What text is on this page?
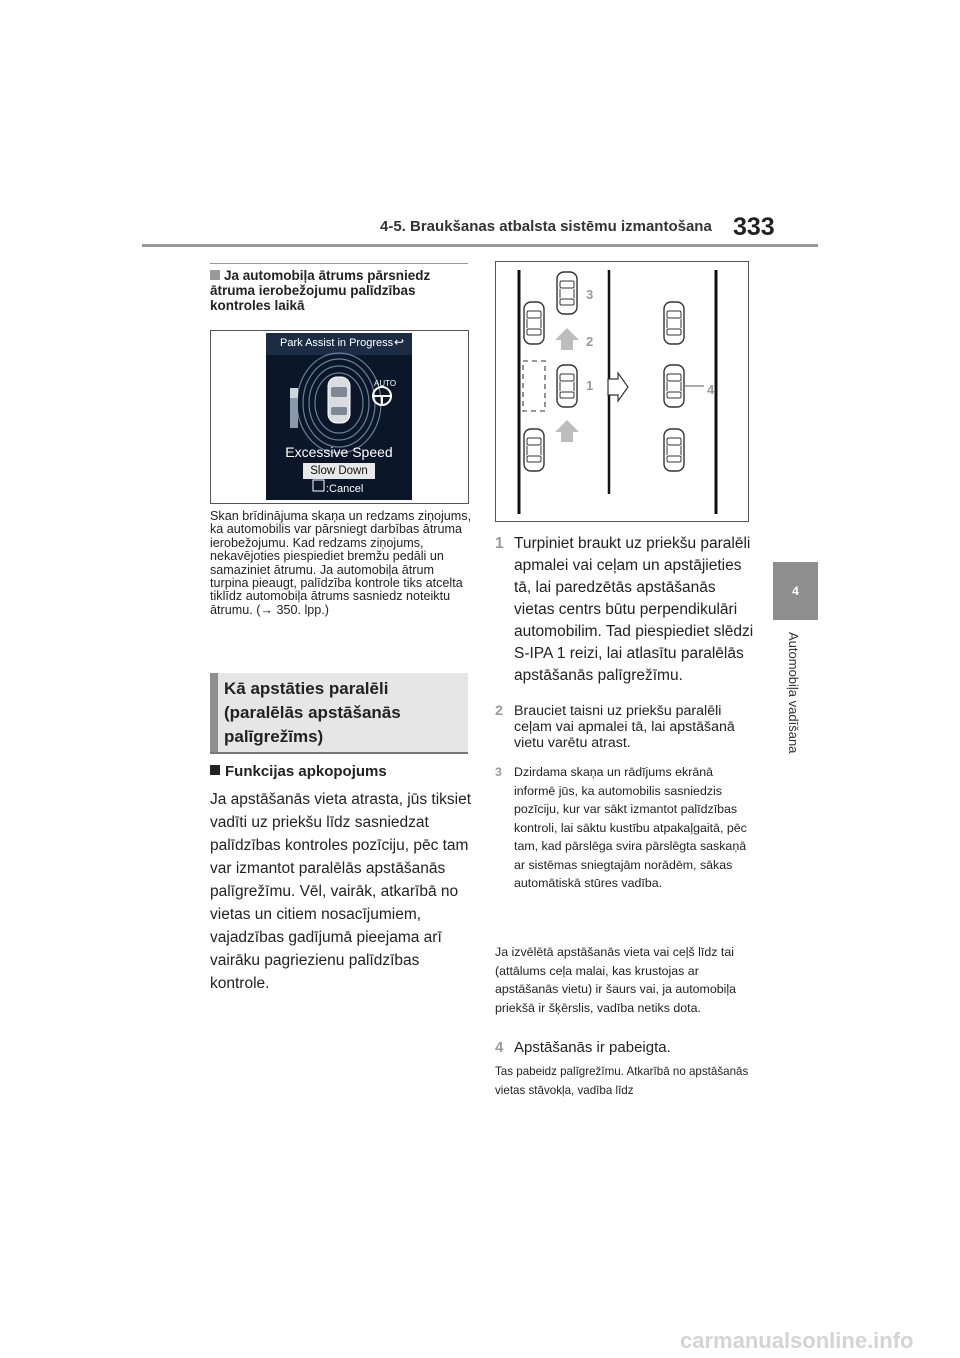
4-5. Braukšanas atbalsta sistēmu izmantošana 333
4
Automobiļa vadīšana
Ja automobiļa ātrums pārsniedz ātruma ierobežojumu palīdzības kontroles laikā
Park Assist in Progress ↩
AUTO
Excessive Speed
Slow Down
:Cancel
Skan brīdinājuma skaņa un redzams ziņojums, ka automobilis var pārsniegt darbības ātruma ierobežojumu. Kad redzams ziņojums, nekavējoties piespiediet bremžu pedāli un samaziniet ātrumu. Ja automobiļa ātrum turpina pieaugt, palīdzība kontrole tiks atcelta tiklīdz automobiļa ātrums sasniedz noteiktu ātrumu. (→ 350. lpp.)
Kā apstāties paralēli (paralēlās apstāšanās palīgrežīms)
Funkcijas apkopojums
Ja apstāšanās vieta atrasta, jūs tiksiet vadīti uz priekšu līdz sasniedzat palīdzības kontroles pozīciju, pēc tam var izmantot paralēlās apstāšanās palīgrežīmu. Vēl, vairāk, atkarībā no vietas un citiem nosacījumiem, vajadzības gadījumā pieejama arī vairāku pagriezienu palīdzības kontrole.
3
2
1	4
1 Turpiniet braukt uz priekšu paralēli apmalei vai ceļam un apstājieties tā, lai paredzētās apstāšanās vietas centrs būtu perpendikulāri automobilim. Tad piespiediet slēdzi S-IPA 1 reizi, lai atlasītu paralēlās apstāšanās palīgrežīmu.
2 Brauciet taisni uz priekšu paralēli ceļam vai apmalei tā, lai apstāšanā vietu varētu atrast.
3 Dzirdama skaņa un rādījums ekrānā informē jūs, ka automobilis sasniedzis pozīciju, kur var sākt izmantot palīdzības kontroli, lai sāktu kustību atpakaļgaitā, pēc tam, kad pārslēga svira pārslēgta saskaņā ar sistēmas sniegtajām norādēm, sākas automātiskā stūres vadība.
Ja izvēlētā apstāšanās vieta vai ceļš līdz tai (attālums ceļa malai, kas krustojas ar apstāšanās vietu) ir šaurs vai, ja automobiļa priekšā ir šķērslis, vadība netiks dota.
4 Apstāšanās ir pabeigta.
Tas pabeidz palīgrežīmu. Atkarībā no apstāšanās vietas stāvokļa, vadība līdz
carmanualsonline.info
